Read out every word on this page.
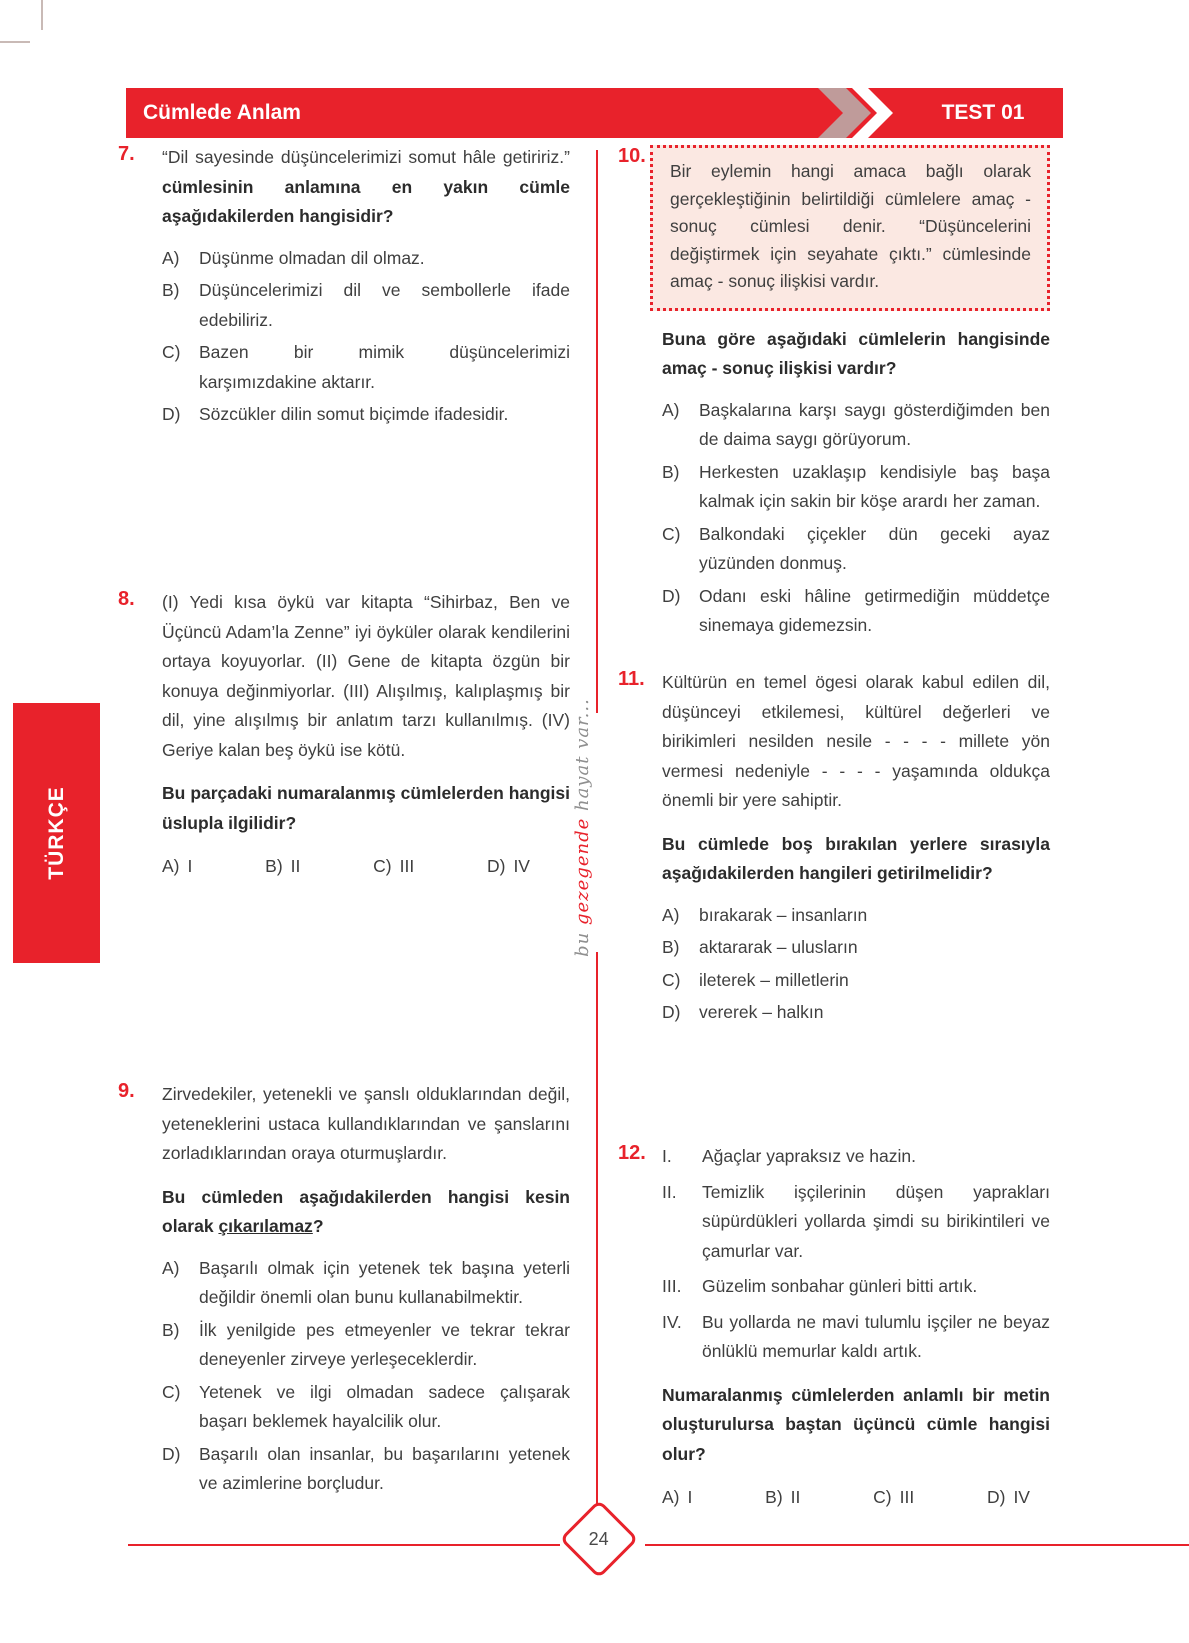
Cümlede Anlam	TEST 01
TÜRKÇE
bu gezegende hayat var...
24
7.	“Dil sayesinde düşüncelerimizi somut hâle getiririz.” cümlesinin anlamına en yakın cümle aşağıdakilerden hangisidir?

A)	Düşünme olmadan dil olmaz.
B)	Düşüncelerimizi dil ve sembollerle ifade edebiliriz.
C)	Bazen bir mimik düşüncelerimizi karşımızdakine aktarır.
D)	Sözcükler dilin somut biçimde ifadesidir.
8.	(I) Yedi kısa öykü var kitapta “Sihirbaz, Ben ve Üçüncü Adam’la Zenne” iyi öyküler olarak kendilerini ortaya koyuyorlar. (II) Gene de kitapta özgün bir konuya değinmiyorlar. (III) Alışılmış, kalıplaşmış bir dil, yine alışılmış bir anlatım tarzı kullanılmış. (IV) Geriye kalan beş öykü ise kötü.

Bu parçadaki numaralanmış cümlelerden hangisi üslupla ilgilidir?

A) I	B) II	C) III	D) IV
9.	Zirvedekiler, yetenekli ve şanslı olduklarından değil, yeteneklerini ustaca kullandıklarından ve şanslarını zorladıklarından oraya oturmuşlardır.

Bu cümleden aşağıdakilerden hangisi kesin olarak çıkarılamaz?

A)	Başarılı olmak için yetenek tek başına yeterli değildir önemli olan bunu kullanabilmektir.
B)	İlk yenilgide pes etmeyenler ve tekrar tekrar deneyenler zirveye yerleşeceklerdir.
C)	Yetenek ve ilgi olmadan sadece çalışarak başarı beklemek hayalcilik olur.
D)	Başarılı olan insanlar, bu başarılarını yetenek ve azimlerine borçludur.
10.
Bir eylemin hangi amaca bağlı olarak gerçekleştiğinin belirtildiği cümlelere amaç - sonuç cümlesi denir. “Düşüncelerini değiştirmek için seyahate çıktı.” cümlesinde amaç - sonuç ilişkisi vardır.

Buna göre aşağıdaki cümlelerin hangisinde amaç - sonuç ilişkisi vardır?

A)	Başkalarına karşı saygı gösterdiğimden ben de daima saygı görüyorum.
B)	Herkesten uzaklaşıp kendisiyle baş başa kalmak için sakin bir köşe arardı her zaman.
C)	Balkondaki çiçekler dün geceki ayaz yüzünden donmuş.
D)	Odanı eski hâline getirmediğin müddetçe sinemaya gidemezsin.
11. Kültürün en temel ögesi olarak kabul edilen dil, düşünceyi etkilemesi, kültürel değerleri ve birikimleri nesilden nesile - - - - millete yön vermesi nedeniyle - - - - yaşamında oldukça önemli bir yere sahiptir.

Bu cümlede boş bırakılan yerlere sırasıyla aşağıdakilerden hangileri getirilmelidir?

A)	bırakarak – insanların
B)	aktararak – ulusların
C)	ileterek – milletlerin
D)	vererek – halkın
12. I.	Ağaçlar yapraksız ve hazin.
II.	Temizlik işçilerinin düşen yaprakları süpürdükleri yollarda şimdi su birikintileri ve çamurlar var.
III.	Güzelim sonbahar günleri bitti artık.
IV.	Bu yollarda ne mavi tulumlu işçiler ne beyaz önlüklü memurlar kaldı artık.

Numaralanmış cümlelerden anlamlı bir metin oluşturulursa baştan üçüncü cümle hangisi olur?

A) I	B) II	C) III	D) IV
